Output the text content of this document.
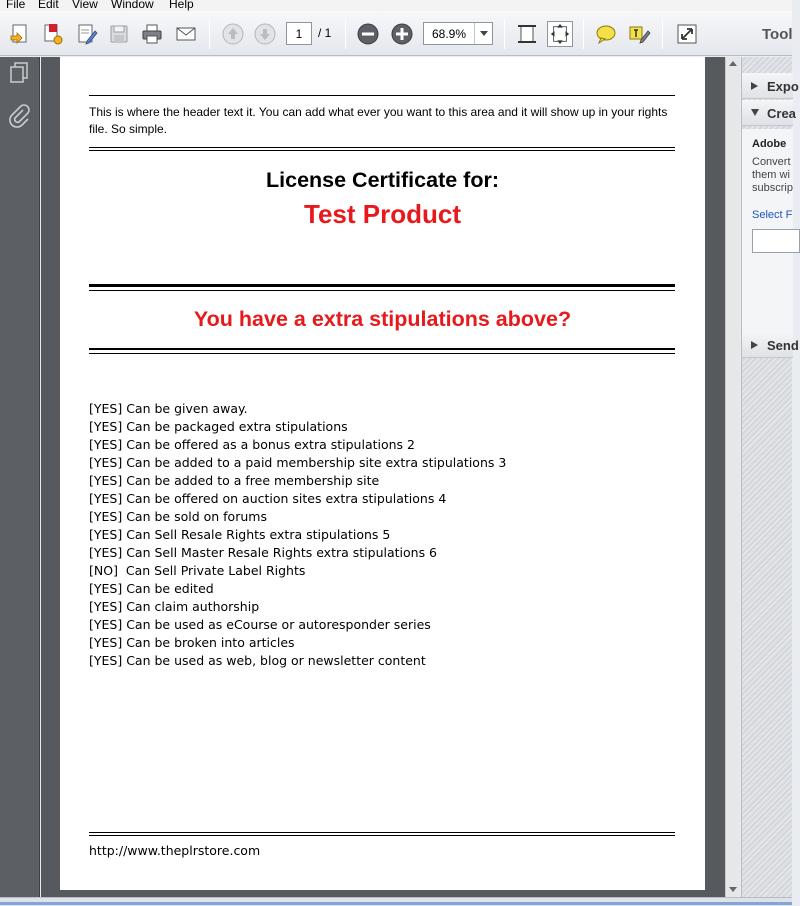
File Edit View Window Help
1
/ 1
68.9%	Tool

This is where the header text it. You can add what ever you want to this area and it will show up in your rights file. So simple.

License Certificate for:
Test Product
You have a extra stipulations above?
[YES] Can be given away.
[YES] Can be packaged extra stipulations
[YES] Can be offered as a bonus extra stipulations 2
[YES] Can be added to a paid membership site extra stipulations 3
[YES] Can be added to a free membership site
[YES] Can be offered on auction sites extra stipulations 4
[YES] Can be sold on forums
[YES] Can Sell Resale Rights extra stipulations 5
[YES] Can Sell Master Resale Rights extra stipulations 6
[NO]  Can Sell Private Label Rights
[YES] Can be edited
[YES] Can claim authorship
[YES] Can be used as eCourse or autoresponder series
[YES] Can be broken into articles
[YES] Can be used as web, blog or newsletter content
http://www.theplrstore.com
Expo
Crea
Adobe
Convert
them wi
subscrip
Select F
Send
